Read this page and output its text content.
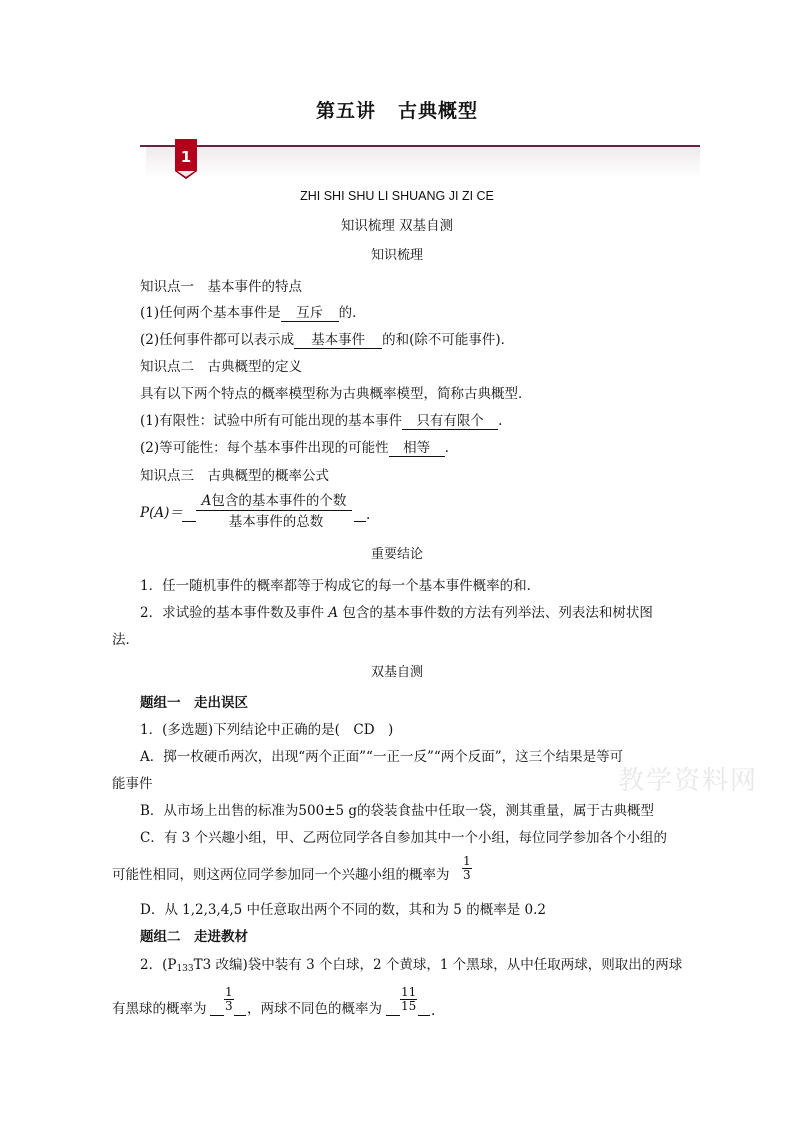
第五讲 古典概型
1
ZHI SHI SHU LI SHUANG JI ZI CE
知识梳理 双基自测
知识梳理
知识点一　基本事件的特点
(1)任何两个基本事件是 互斥 的．
(2)任何事件都可以表示成 基本事件 的和(除不可能事件)．
知识点二　古典概型的定义
具有以下两个特点的概率模型称为古典概率模型，简称古典概型．
(1)有限性：试验中所有可能出现的基本事件 只有有限个 .
(2)等可能性：每个基本事件出现的可能性 相等 .
知识点三　古典概型的概率公式
P(A)＝
A包含的基本事件的个数
基本事件的总数	.
重要结论
1．任一随机事件的概率都等于构成它的每一个基本事件概率的和．
2．求试验的基本事件数及事件 A 包含的基本事件数的方法有列举法、列表法和树状图
法．
双基自测
题组一　走出误区
1．(多选题)下列结论中正确的是(　CD　)
A．掷一枚硬币两次，出现“两个正面”“一正一反”“两个反面”，这三个结果是等可
能事件
B．从市场上出售的标准为500±5 g的袋装食盐中任取一袋，测其重量，属于古典概型
C．有 3 个兴趣小组，甲、乙两位同学各自参加其中一个小组，每位同学参加各个小组的
可能性相同，则这两位同学参加同一个兴趣小组的概率为 $\frac{1}{3}$
D．从 1,2,3,4,5 中任意取出两个不同的数，其和为 5 的概率是 0.2
题组二　走进教材
2．(P133T3 改编)袋中装有 3 个白球，2 个黄球，1 个黑球，从中任取两球，则取出的两球
有黑球的概率为 $\frac{1}{3}$ ，两球不同色的概率为 $\frac{11}{15}$ .
教学资料网
